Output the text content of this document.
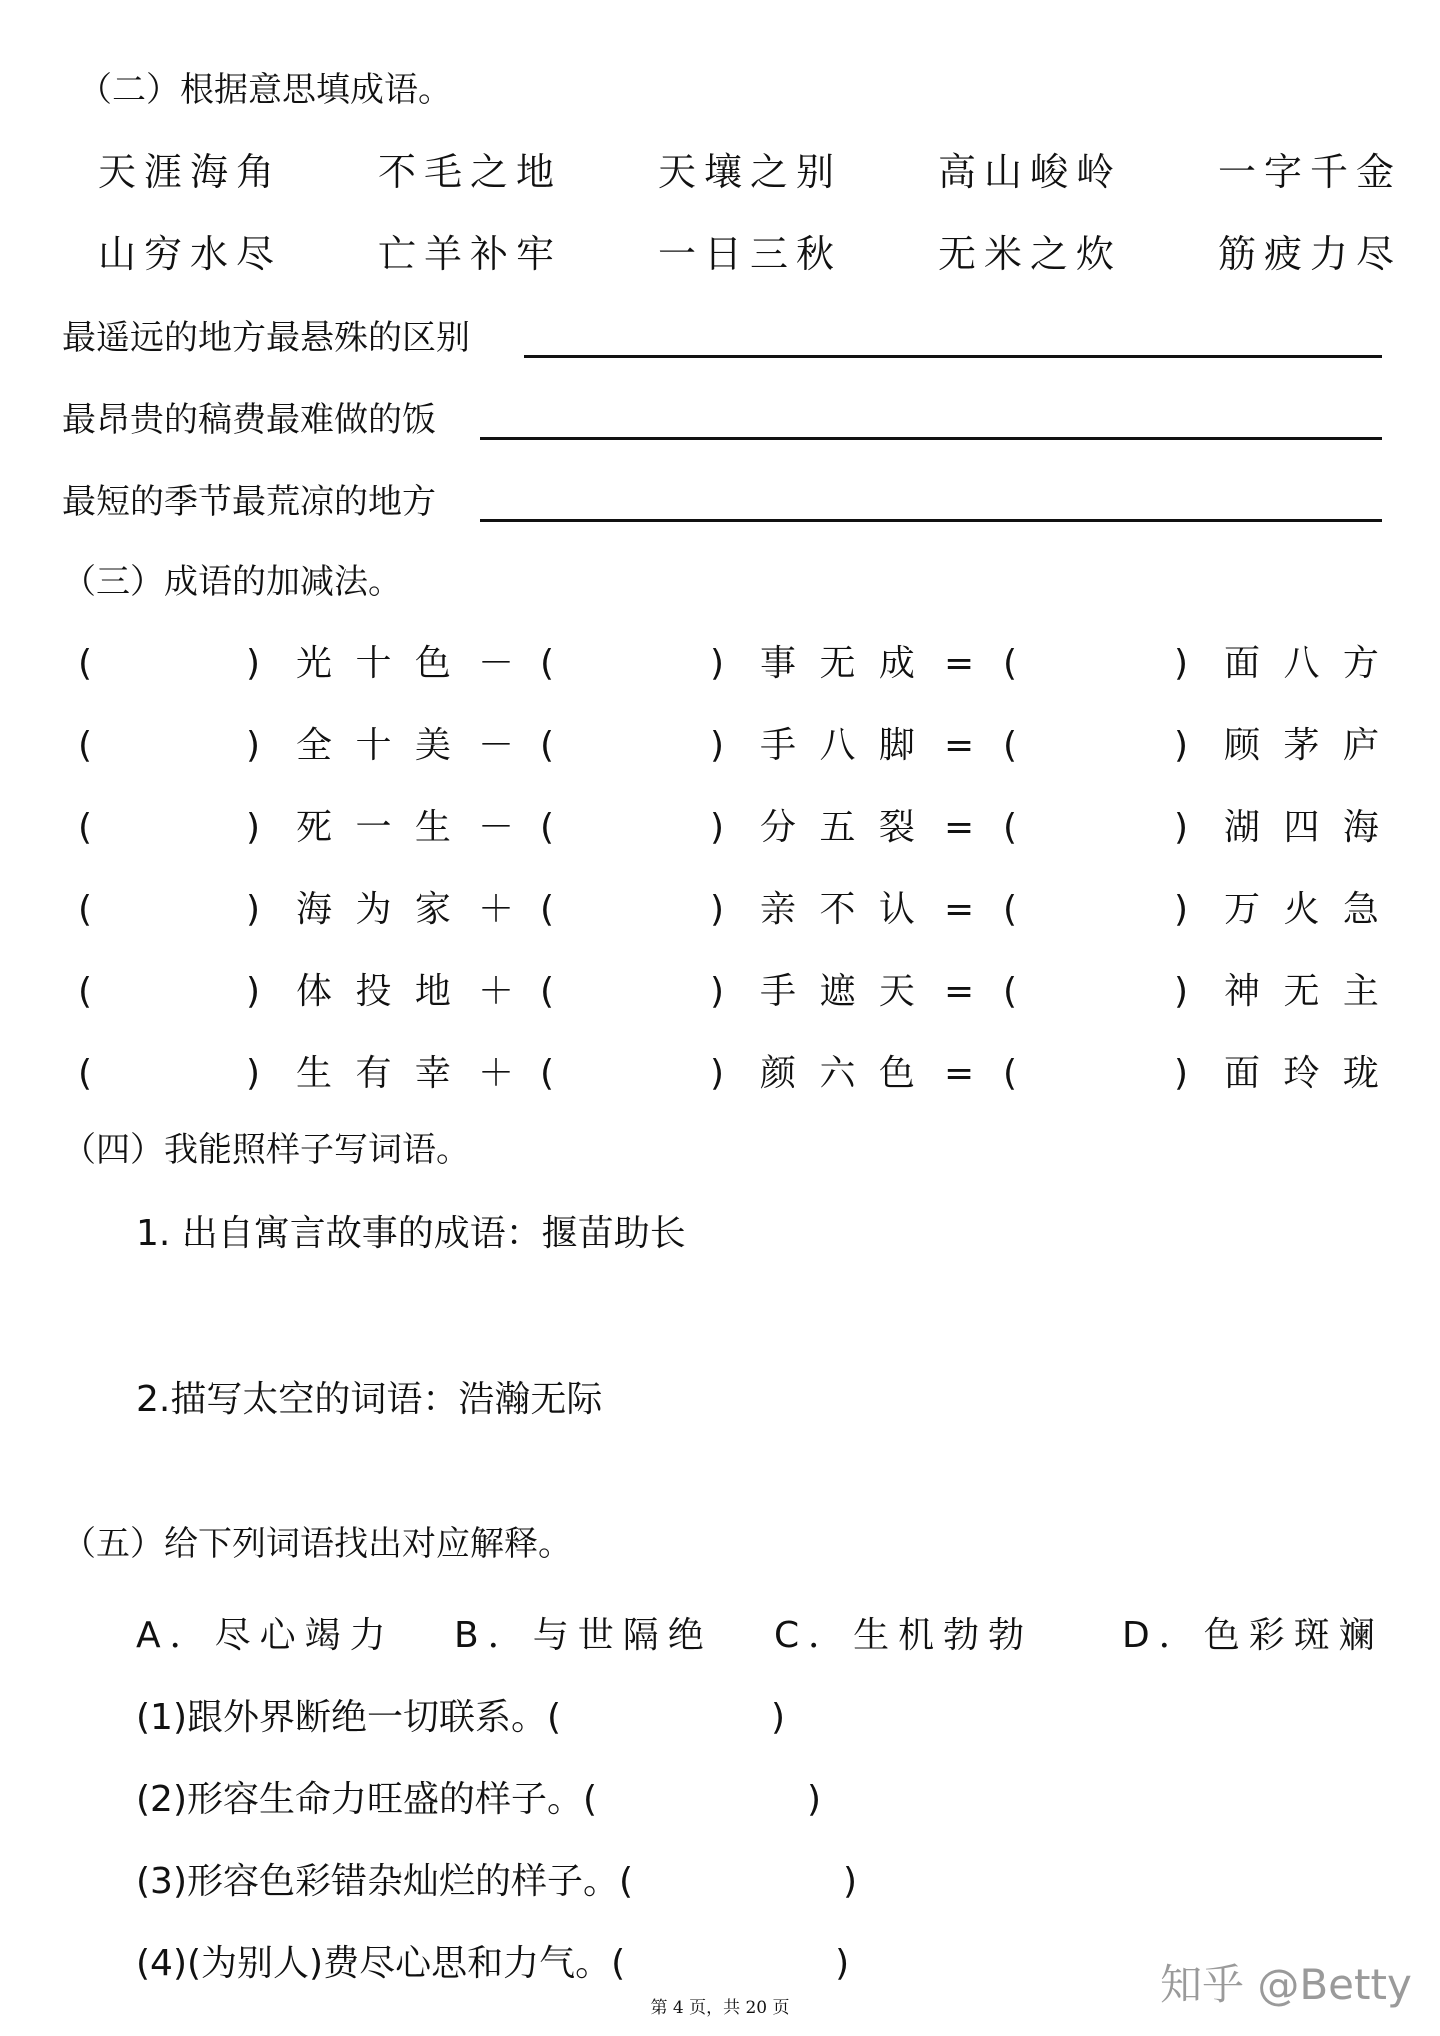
（二）根据意思填成语。
天涯海角	不毛之地	天壤之别	高山峻岭	一字千金
山穷水尽	亡羊补牢	一日三秋	无米之炊	筋疲力尽
最遥远的地方最悬殊的区别
最昂贵的稿费最难做的饭
最短的季节最荒凉的地方
（三）成语的加减法。
(	) 光 十 色 － (	) 事 无 成 = (	) 面 八 方
(	) 全 十 美 － (	) 手 八 脚 = (	) 顾 茅 庐
(	) 死 一 生 － (	) 分 五 裂 = (	) 湖 四 海
(	) 海 为 家 ＋ (	) 亲 不 认 = (	) 万 火 急
(	) 体 投 地 ＋ (	) 手 遮 天 = (	) 神 无 主
(	) 生 有 幸 ＋ (	) 颜 六 色 = (	) 面 玲 珑
（四）我能照样子写词语。
1. 出自寓言故事的成语：揠苗助长
2.描写太空的词语：浩瀚无际
（五）给下列词语找出对应解释。
A．尽心竭力 B．与世隔绝 C．生机勃勃 D．色彩斑斓
(1)跟外界断绝一切联系。(	)
(2)形容生命力旺盛的样子。(	)
(3)形容色彩错杂灿烂的样子。(	)
(4)(为别人)费尽心思和力气。(	)	知乎 @Betty
第 4 页，共 20 页
